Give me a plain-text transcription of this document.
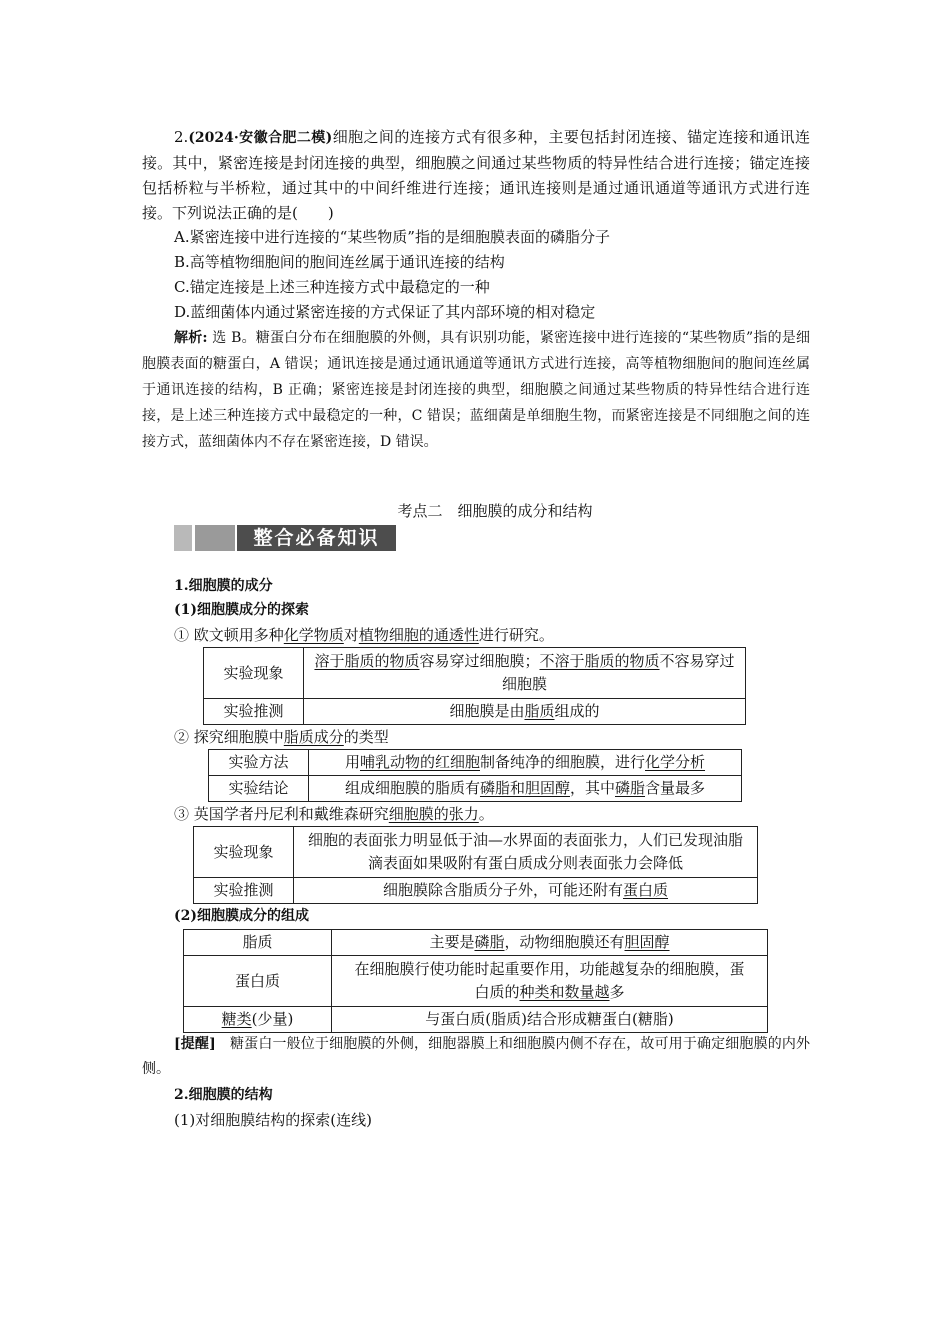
2.(2024·安徽合肥二模)细胞之间的连接方式有很多种，主要包括封闭连接、锚定连接和通讯连接。其中，紧密连接是封闭连接的典型，细胞膜之间通过某些物质的特异性结合进行连接；锚定连接包括桥粒与半桥粒，通过其中的中间纤维进行连接；通讯连接则是通过通讯通道等通讯方式进行连接。下列说法正确的是(　　)
A.紧密连接中进行连接的“某些物质”指的是细胞膜表面的磷脂分子
B.高等植物细胞间的胞间连丝属于通讯连接的结构
C.锚定连接是上述三种连接方式中最稳定的一种
D.蓝细菌体内通过紧密连接的方式保证了其内部环境的相对稳定
解析: 选 B。糖蛋白分布在细胞膜的外侧，具有识别功能，紧密连接中进行连接的“某些物质”指的是细胞膜表面的糖蛋白，A 错误；通讯连接是通过通讯通道等通讯方式进行连接，高等植物细胞间的胞间连丝属于通讯连接的结构，B 正确；紧密连接是封闭连接的典型，细胞膜之间通过某些物质的特异性结合进行连接，是上述三种连接方式中最稳定的一种，C 错误；蓝细菌是单细胞生物，而紧密连接是不同细胞之间的连接方式，蓝细菌体内不存在紧密连接，D 错误。
考点二　细胞膜的成分和结构
整合必备知识
1.细胞膜的成分
(1)细胞膜成分的探索
① 欧文顿用多种化学物质对植物细胞的通透性进行研究。
实验现象	溶于脂质的物质容易穿过细胞膜；不溶于脂质的物质不容易穿过细胞膜
实验推测	细胞膜是由脂质组成的
② 探究细胞膜中脂质成分的类型
实验方法	用哺乳动物的红细胞制备纯净的细胞膜，进行化学分析
实验结论	组成细胞膜的脂质有磷脂和胆固醇，其中磷脂含量最多
③ 英国学者丹尼利和戴维森研究细胞膜的张力。
实验现象	细胞的表面张力明显低于油—水界面的表面张力，人们已发现油脂滴表面如果吸附有蛋白质成分则表面张力会降低
实验推测	细胞膜除含脂质分子外，可能还附有蛋白质
(2)细胞膜成分的组成
脂质	主要是磷脂，动物细胞膜还有胆固醇
蛋白质	在细胞膜行使功能时起重要作用，功能越复杂的细胞膜，蛋白质的种类和数量越多
糖类(少量)	与蛋白质(脂质)结合形成糖蛋白(糖脂)
[提醒]　 糖蛋白一般位于细胞膜的外侧，细胞器膜上和细胞膜内侧不存在，故可用于确定细胞膜的内外侧。
2.细胞膜的结构
(1)对细胞膜结构的探索(连线)
